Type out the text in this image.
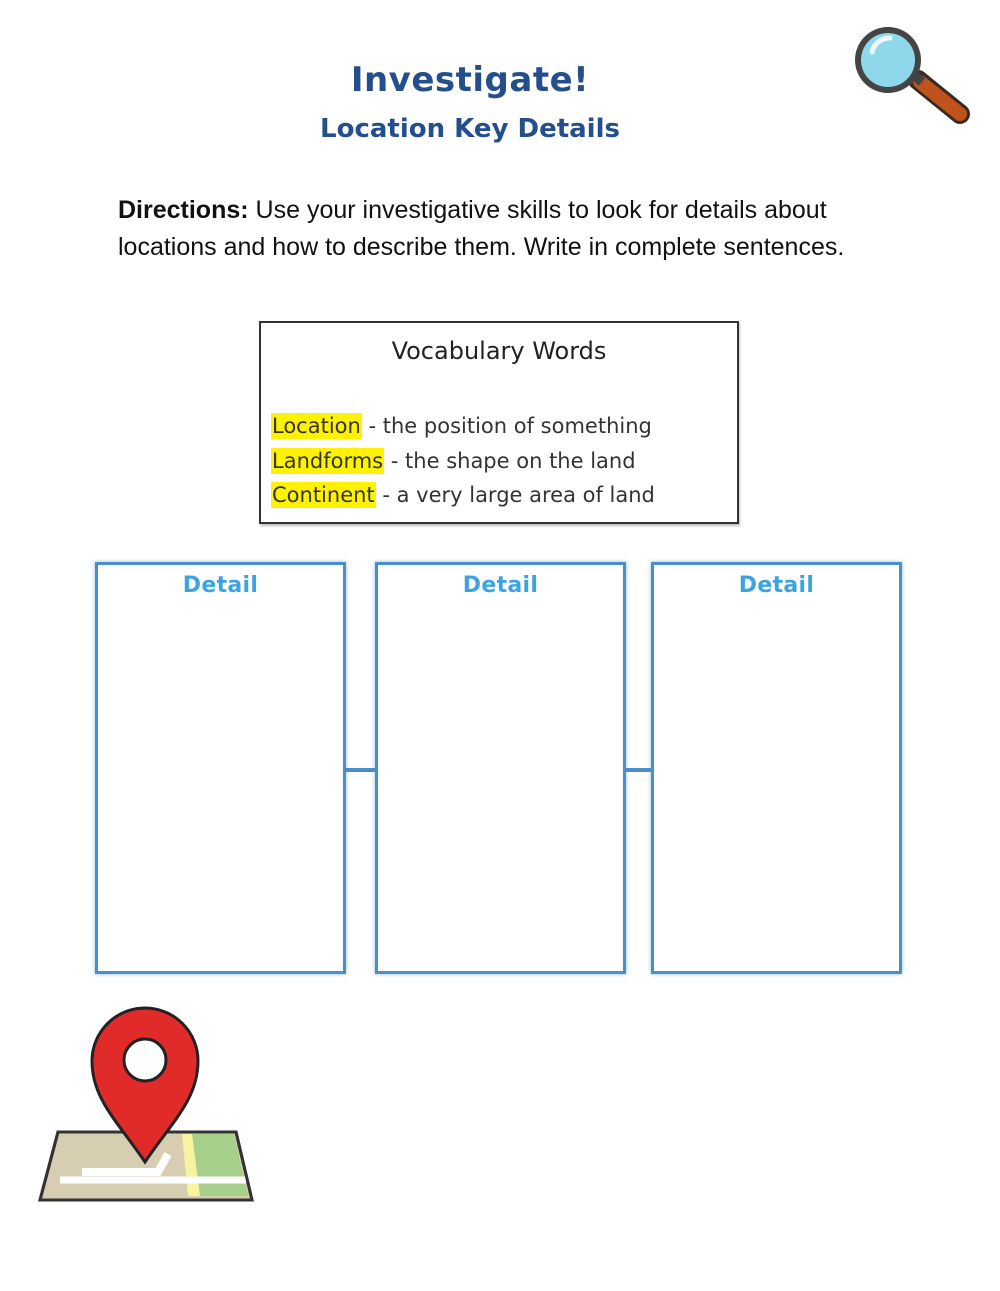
Investigate!
Location Key Details
Directions: Use your investigative skills to look for details about locations and how to describe them. Write in complete sentences.
Vocabulary Words
Location - the position of something
Landforms - the shape on the land
Continent - a very large area of land
Detail	Detail	Detail
